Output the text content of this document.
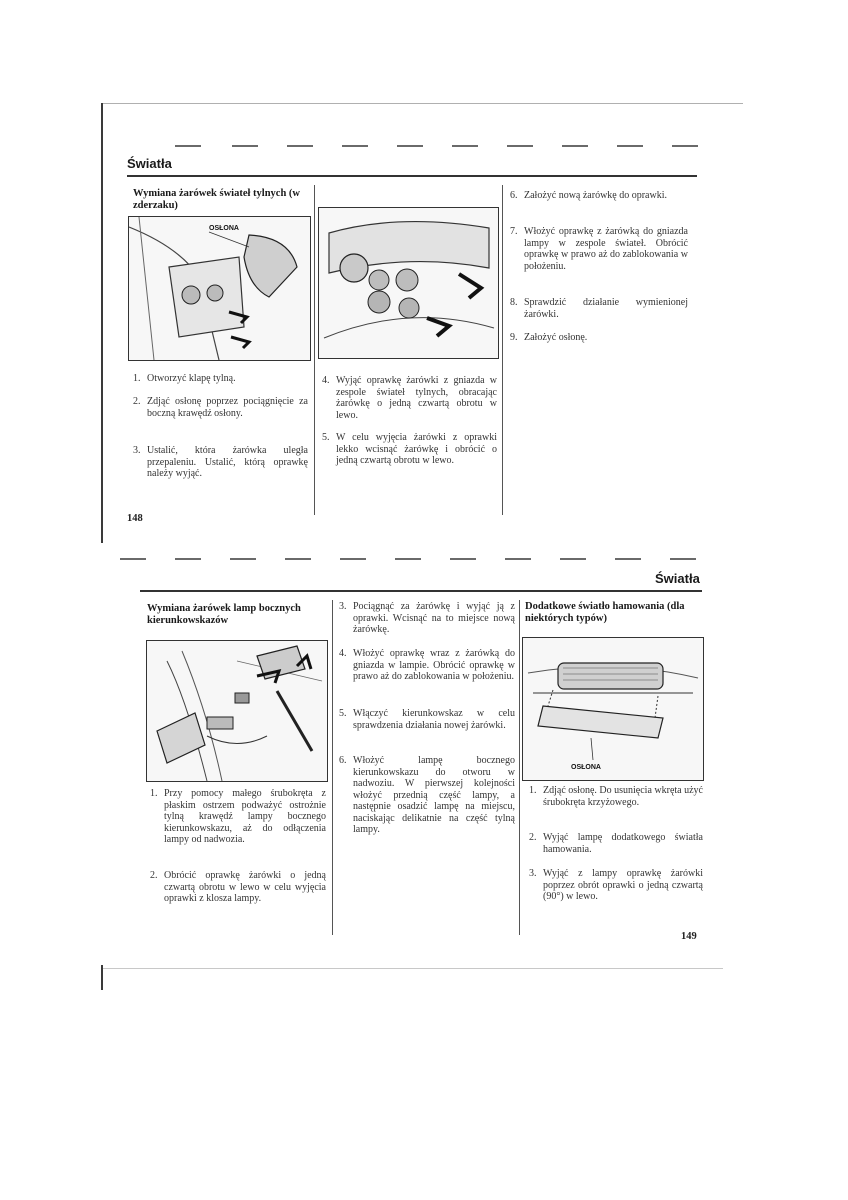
Światła
Wymiana żarówek świateł tylnych (w zderzaku)
OSŁONA
1. Otworzyć klapę tylną.
2. Zdjąć osłonę poprzez pociągnięcie za boczną krawędź osłony.
3. Ustalić, która żarówka uległa przepaleniu. Ustalić, którą oprawkę należy wyjąć.
4. Wyjąć oprawkę żarówki z gniazda w zespole świateł tylnych, obracając żarówkę o jedną czwartą obrotu w lewo.
5. W celu wyjęcia żarówki z oprawki lekko wcisnąć żarówkę i obrócić o jedną czwartą obrotu w lewo.
6. Założyć nową żarówkę do oprawki.
7. Włożyć oprawkę z żarówką do gniazda lampy w zespole świateł. Obrócić oprawkę w prawo aż do zablokowania w położeniu.
8. Sprawdzić działanie wymienionej żarówki.
9. Założyć osłonę.
148
Światła
Wymiana żarówek lamp bocznych kierunkowskazów
1. Przy pomocy małego śrubokręta z płaskim ostrzem podważyć ostrożnie tylną krawędź lampy bocznego kierunkowskazu, aż do odłączenia lampy od nadwozia.
2. Obrócić oprawkę żarówki o jedną czwartą obrotu w lewo w celu wyjęcia oprawki z klosza lampy.
3. Pociągnąć za żarówkę i wyjąć ją z oprawki. Wcisnąć na to miejsce nową żarówkę.
4. Włożyć oprawkę wraz z żarówką do gniazda w lampie. Obrócić oprawkę w prawo aż do zablokowania w położeniu.
5. Włączyć kierunkowskaz w celu sprawdzenia działania nowej żarówki.
6. Włożyć lampę bocznego kierunkowskazu do otworu w nadwoziu. W pierwszej kolejności włożyć przednią część lampy, a następnie osadzić lampę na miejscu, naciskając delikatnie na część tylną lampy.
Dodatkowe światło hamowania (dla niektórych typów)
OSŁONA
1. Zdjąć osłonę. Do usunięcia wkręta użyć śrubokręta krzyżowego.
2. Wyjąć lampę dodatkowego światła hamowania.
3. Wyjąć z lampy oprawkę żarówki poprzez obrót oprawki o jedną czwartą (90°) w lewo.
149
